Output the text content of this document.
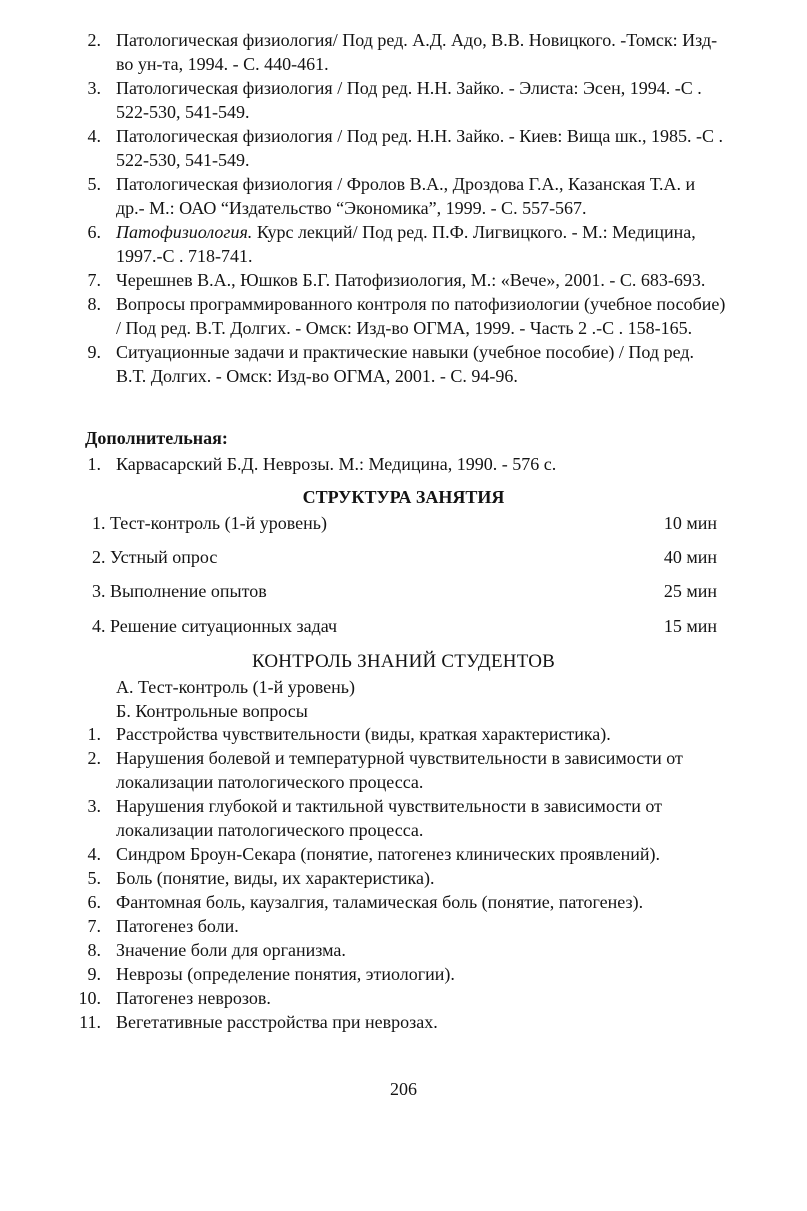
2. Патологическая физиология/ Под ред. А.Д. Адо, В.В. Новицкого. -Томск: Изд-во ун-та, 1994. - С. 440-461.
3. Патологическая физиология / Под ред. Н.Н. Зайко. - Элиста: Эсен, 1994. -С . 522-530, 541-549.
4. Патологическая физиология / Под ред. Н.Н. Зайко. - Киев: Вища шк., 1985. -С . 522-530, 541-549.
5. Патологическая физиология / Фролов В.А., Дроздова Г.А., Казанская Т.А. и др.- М.: ОАО “Издательство “Экономика”, 1999. - С. 557-567.
6. Патофизиология. Курс лекций/ Под ред. П.Ф. Лигвицкого. - М.: Медицина, 1997.-С . 718-741.
7. Черешнев В.А., Юшков Б.Г. Патофизиология, М.: «Вече», 2001. - С. 683-693.
8. Вопросы программированного контроля по патофизиологии (учебное пособие) / Под ред. В.Т. Долгих. - Омск: Изд-во ОГМА, 1999. - Часть 2 .-С . 158-165.
9. Ситуационные задачи и практические навыки (учебное пособие) / Под ред. В.Т. Долгих. - Омск: Изд-во ОГМА, 2001. - С. 94-96.
Дополнительная:
1. Карвасарский Б.Д. Неврозы. М.: Медицина, 1990. - 576 с.
СТРУКТУРА ЗАНЯТИЯ
1. Тест-контроль (1-й уровень)	10 мин
2. Устный опрос	40 мин
3. Выполнение опытов	25 мин
4. Решение ситуационных задач	15 мин
КОНТРОЛЬ ЗНАНИЙ СТУДЕНТОВ
А. Тест-контроль (1-й уровень)
Б. Контрольные вопросы
1. Расстройства чувствительности (виды, краткая характеристика).
2. Нарушения болевой и температурной чувствительности в зависимости от локализации патологического процесса.
3. Нарушения глубокой и тактильной чувствительности в зависимости от локализации патологического процесса.
4. Синдром Броун-Секара (понятие, патогенез клинических проявлений).
5. Боль (понятие, виды, их характеристика).
6. Фантомная боль, каузалгия, таламическая боль (понятие, патогенез).
7. Патогенез боли.
8. Значение боли для организма.
9. Неврозы (определение понятия, этиологии).
10. Патогенез неврозов.
11. Вегетативные расстройства при неврозах.
206
